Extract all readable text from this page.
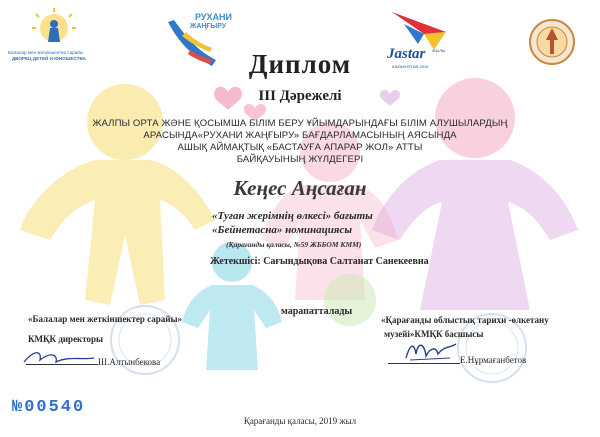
Балалар мен жеткіншектер сарайы
ДВОРЕЦ ДЕТЕЙ И ЮНОШЕСТВА
РУХАНИ
ЖАҢҒЫРУ
Jastar ЖЫЛЫ
KAZAKHSTAN 2019
Диплом
III Дәрежелі
ЖАЛПЫ ОРТА ЖӘНЕ ҚОСЫМША БІЛІМ БЕРУ ҰЙЫМДАРЫНДАҒЫ БІЛІМ АЛУШЫЛАРДЫҢ
АРАСЫНДА«РУХАНИ ЖАҢҒЫРУ» БАҒДАРЛАМАСЫНЫҢ АЯСЫНДА
АШЫҚ АЙМАҚТЫҚ «БАСТАУҒА АПАРАР ЖОЛ» АТТЫ
БАЙҚАУЫНЫҢ ЖҮЛДЕГЕРІ
Кеңес Аңсаған
«Туған жерімнің өлкесі» бағыты
«Бейнетасна» номинациясы
(Қарағанды қаласы, №59 ЖББОМ КММ)
Жетекшісі: Сағындықова Салтанат Санекеевна
марапатталады
«Балалар мен жеткіншектер сарайы»
КМҚК директоры
Ш.Алтынбекова
«Қарағанды облыстық тарихи -өлкетану
музейі»КМҚК басшысы
Е.Нұрмағанбетов
№00540
Қарағанды қаласы, 2019 жыл
